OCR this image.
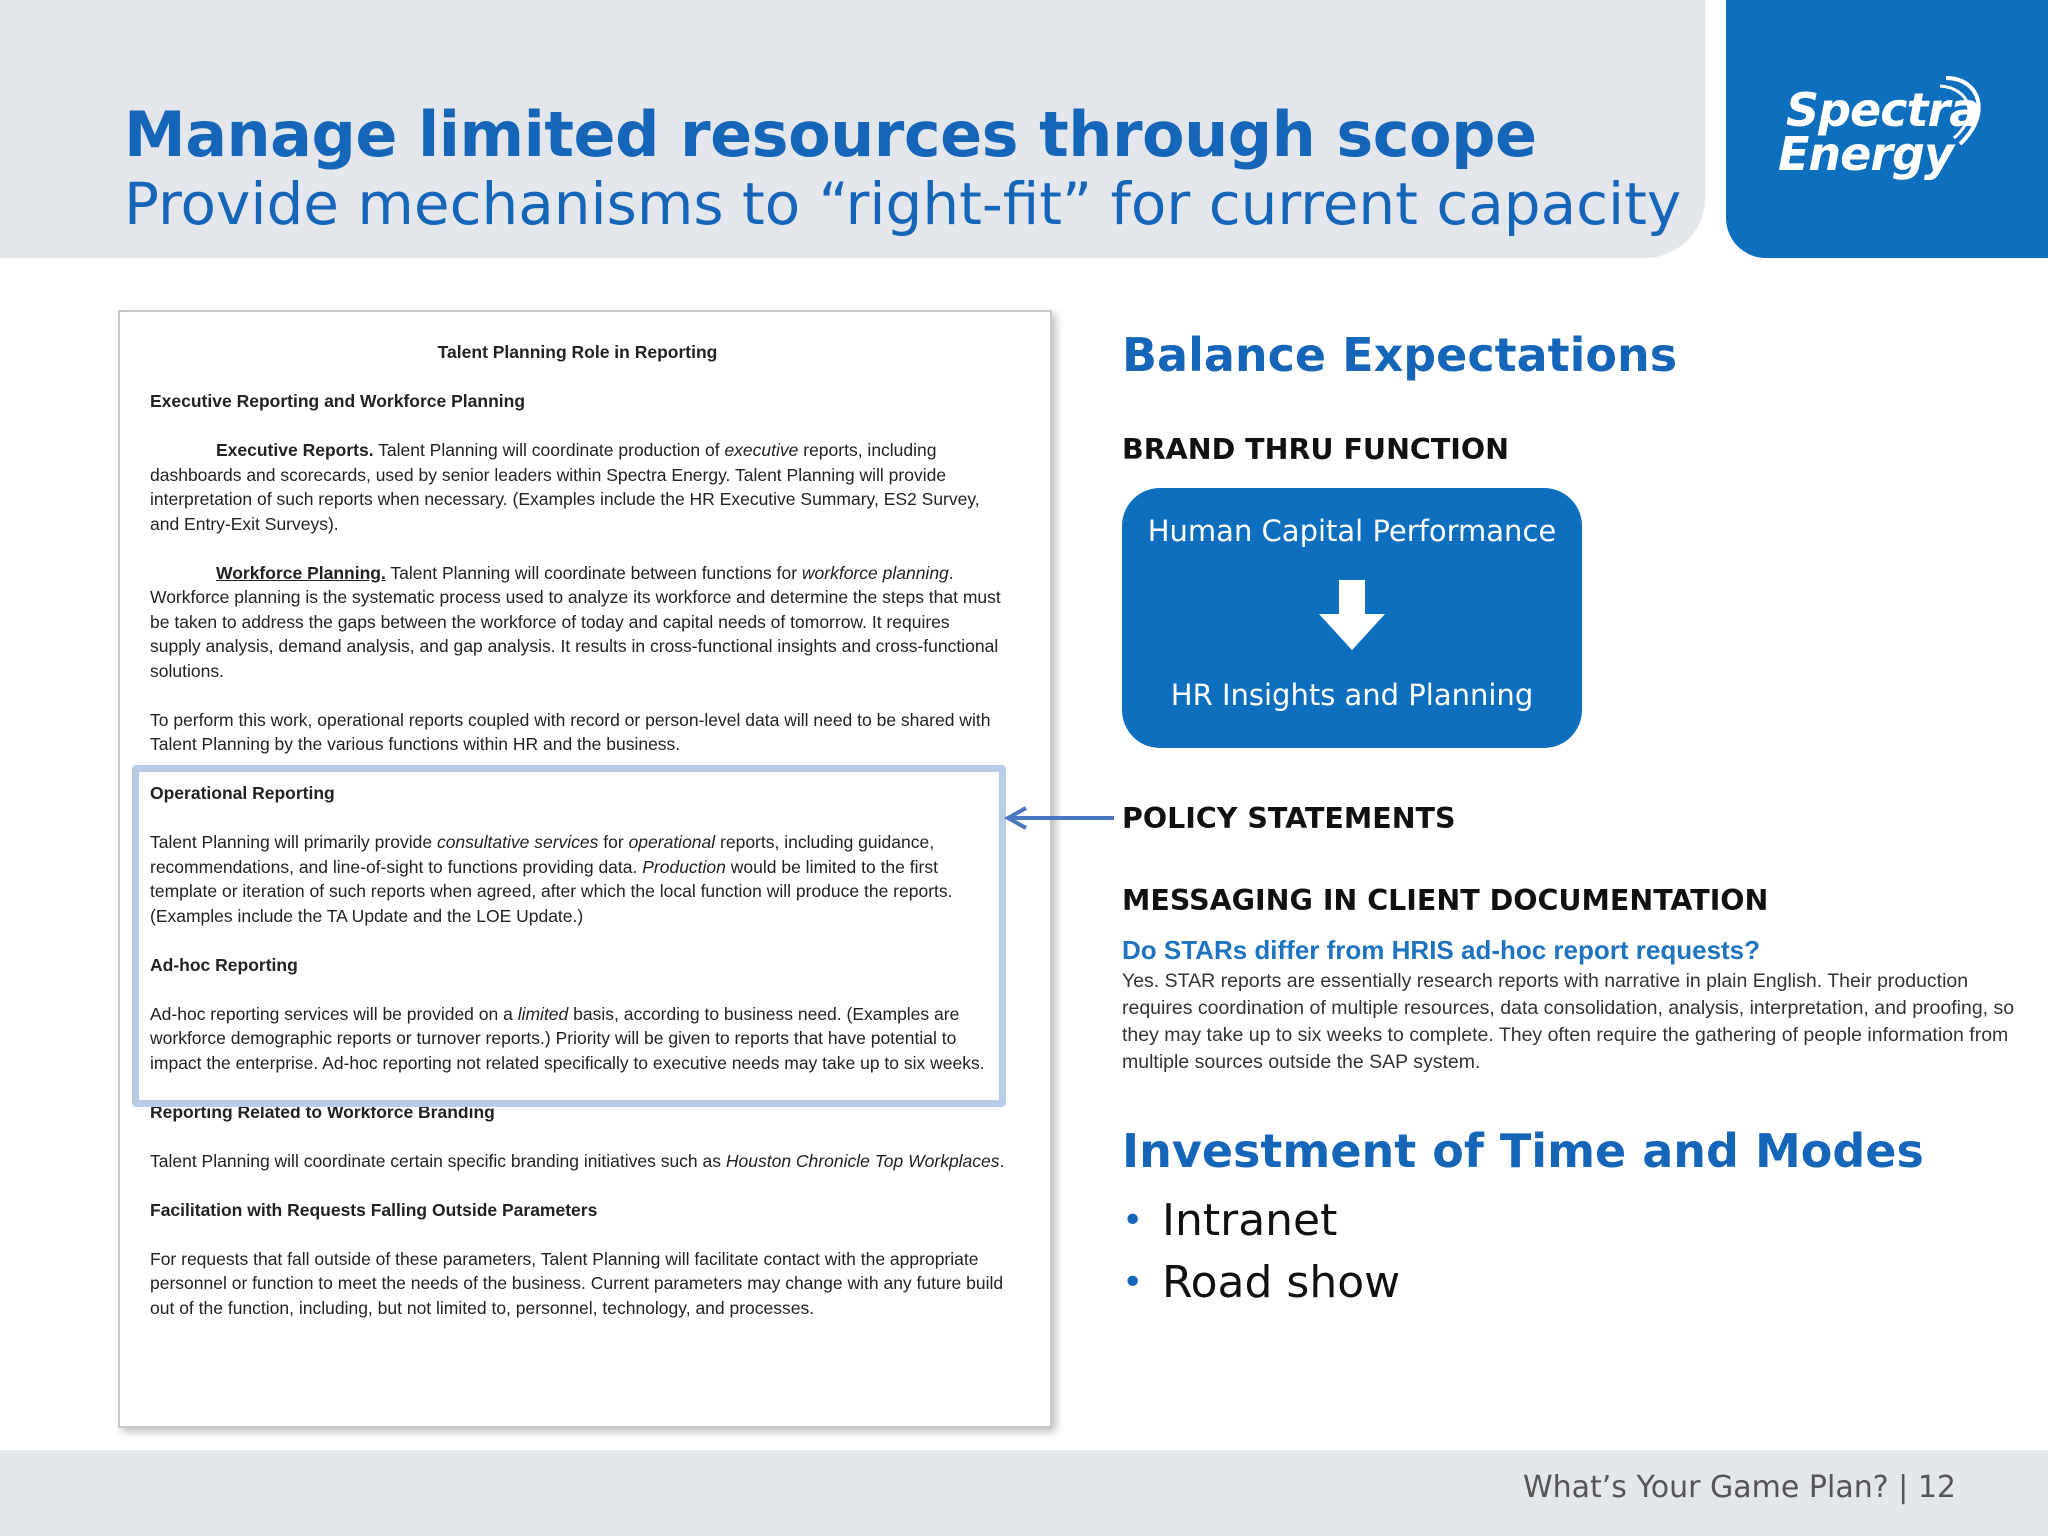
Spectra
Energy
Manage limited resources through scope
Provide mechanisms to “right-fit” for current capacity

Talent Planning Role in Reporting

Executive Reporting and Workforce Planning

Executive Reports. Talent Planning will coordinate production of executive reports, including dashboards and scorecards, used by senior leaders within Spectra Energy. Talent Planning will provide interpretation of such reports when necessary. (Examples include the HR Executive Summary, ES2 Survey, and Entry-Exit Surveys).

Workforce Planning. Talent Planning will coordinate between functions for workforce planning. Workforce planning is the systematic process used to analyze its workforce and determine the steps that must be taken to address the gaps between the workforce of today and capital needs of tomorrow. It requires supply analysis, demand analysis, and gap analysis. It results in cross-functional insights and cross-functional solutions.

To perform this work, operational reports coupled with record or person-level data will need to be shared with Talent Planning by the various functions within HR and the business.

Operational Reporting

Talent Planning will primarily provide consultative services for operational reports, including guidance, recommendations, and line-of-sight to functions providing data. Production would be limited to the first template or iteration of such reports when agreed, after which the local function will produce the reports. (Examples include the TA Update and the LOE Update.)

Ad-hoc Reporting

Ad-hoc reporting services will be provided on a limited basis, according to business need. (Examples are workforce demographic reports or turnover reports.) Priority will be given to reports that have potential to impact the enterprise. Ad-hoc reporting not related specifically to executive needs may take up to six weeks.

Reporting Related to Workforce Branding

Talent Planning will coordinate certain specific branding initiatives such as Houston Chronicle Top Workplaces.

Facilitation with Requests Falling Outside Parameters

For requests that fall outside of these parameters, Talent Planning will facilitate contact with the appropriate personnel or function to meet the needs of the business. Current parameters may change with any future build out of the function, including, but not limited to, personnel, technology, and processes.

Balance Expectations
BRAND THRU FUNCTION
Human Capital Performance
HR Insights and Planning
POLICY STATEMENTS
MESSAGING IN CLIENT DOCUMENTATION
Do STARs differ from HRIS ad-hoc report requests?
Yes. STAR reports are essentially research reports with narrative in plain English. Their production requires coordination of multiple resources, data consolidation, analysis, interpretation, and proofing, so they may take up to six weeks to complete. They often require the gathering of people information from multiple sources outside the SAP system.
Investment of Time and Modes
• Intranet
• Road show
What’s Your Game Plan? | 12
